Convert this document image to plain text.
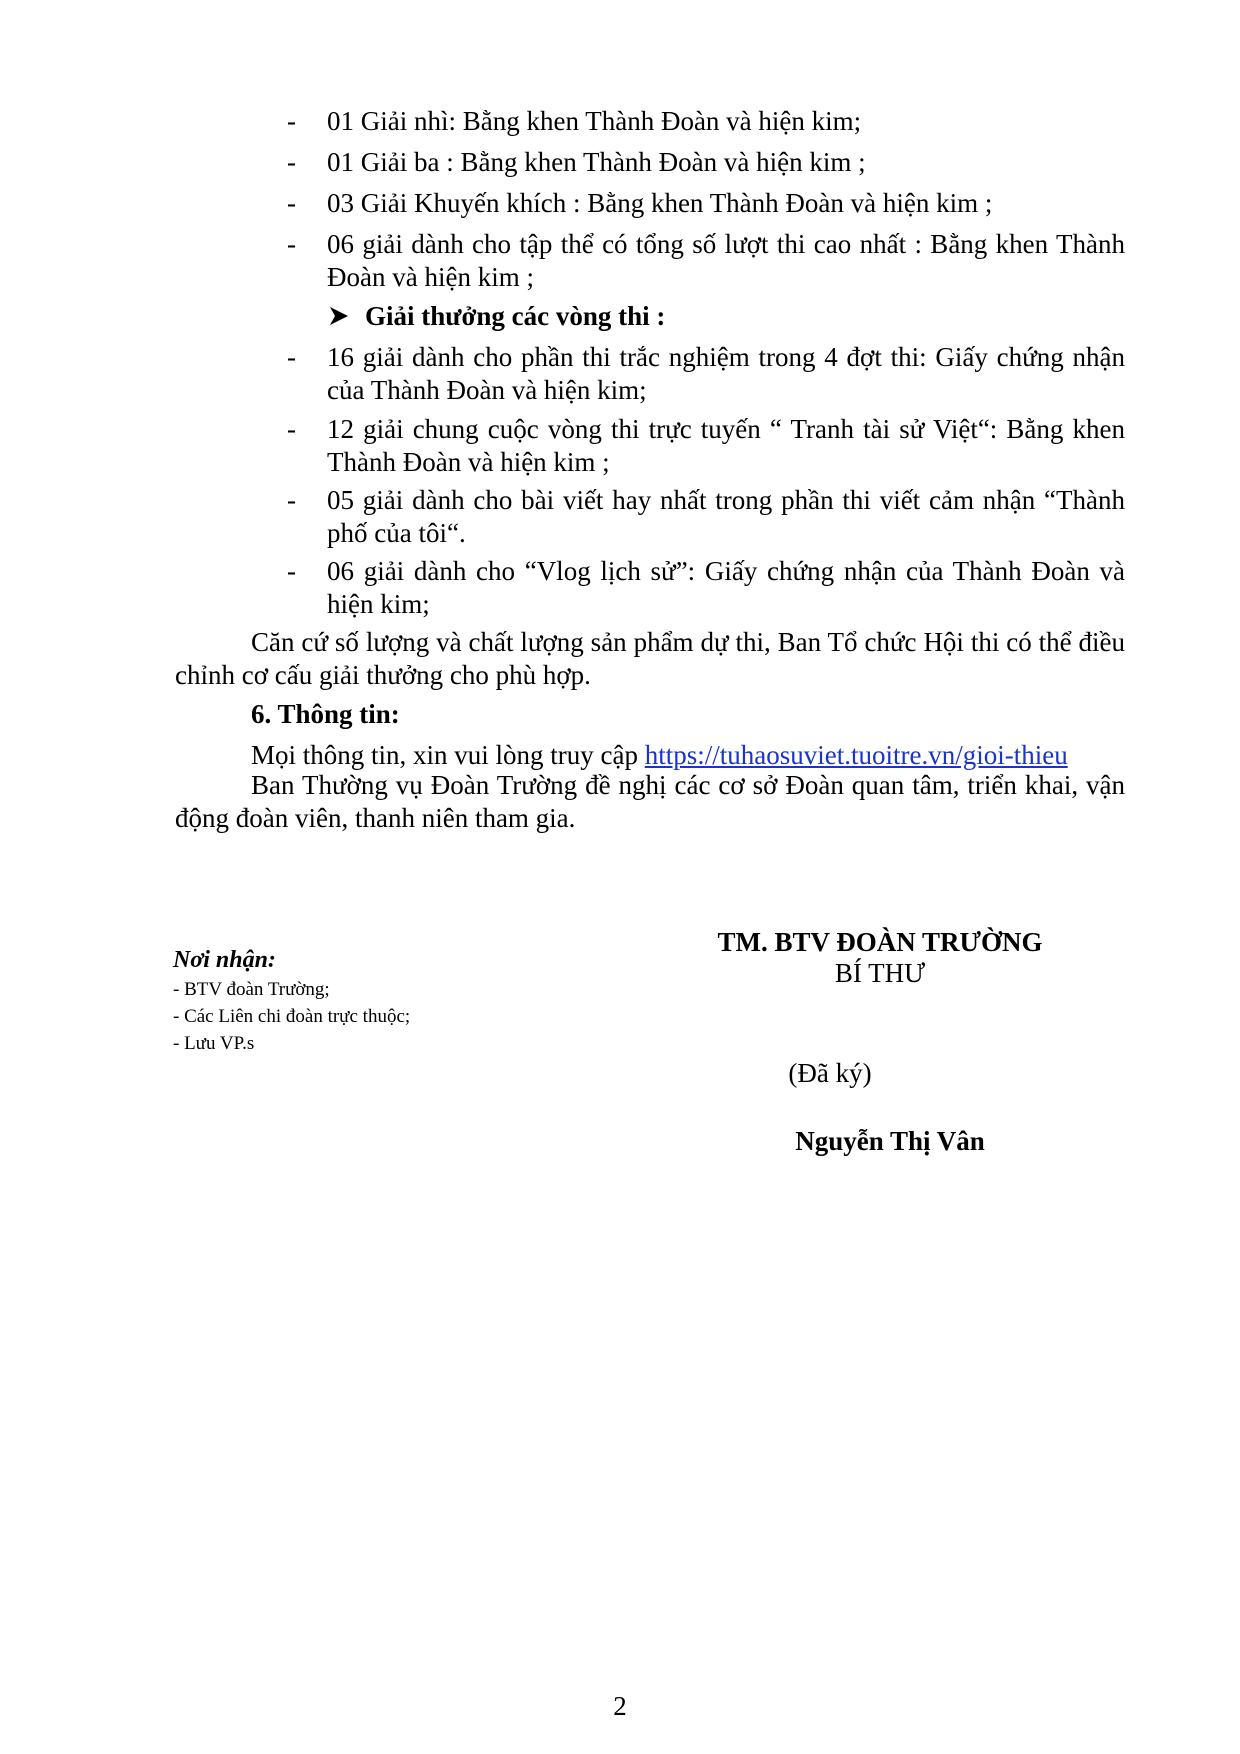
-	01 Giải nhì: Bằng khen Thành Đoàn và hiện kim;
-	01 Giải ba : Bằng khen Thành Đoàn và hiện kim ;
-	03 Giải Khuyến khích : Bằng khen Thành Đoàn và hiện kim ;
-	06 giải dành cho tập thể có tổng số lượt thi cao nhất : Bằng khen Thành Đoàn và hiện kim ;
Giải thưởng các vòng thi :
-	16 giải dành cho phần thi trắc nghiệm trong 4 đợt thi: Giấy chứng nhận của Thành Đoàn và hiện kim;
-	12 giải chung cuộc vòng thi trực tuyến “ Tranh tài sử Việt“: Bằng khen Thành Đoàn và hiện kim ;
-	05 giải dành cho bài viết hay nhất trong phần thi viết cảm nhận “Thành phố của tôi“.
-	06 giải dành cho “Vlog lịch sử”: Giấy chứng nhận của Thành Đoàn và hiện kim;
Căn cứ số lượng và chất lượng sản phẩm dự thi, Ban Tổ chức Hội thi có thể điều chỉnh cơ cấu giải thưởng cho phù hợp.
6. Thông tin:
Mọi thông tin, xin vui lòng truy cập https://tuhaosuviet.tuoitre.vn/gioi-thieu
Ban Thường vụ Đoàn Trường đề nghị các cơ sở Đoàn quan tâm, triển khai, vận động đoàn viên, thanh niên tham gia.
Nơi nhận:
- BTV đoàn Trường;
- Các Liên chi đoàn trực thuộc;
- Lưu VP.s
TM. BTV ĐOÀN TRƯỜNG
BÍ THƯ
(Đã ký)
Nguyễn Thị Vân
2
